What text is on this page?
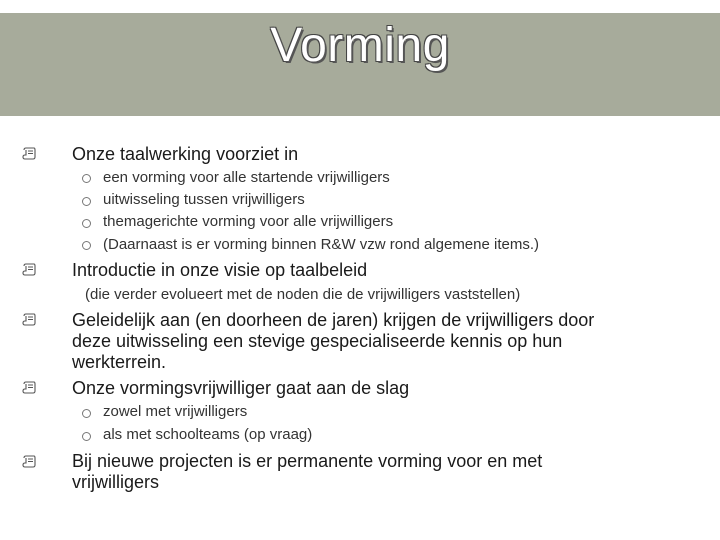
Vorming
Onze taalwerking voorziet in
een vorming voor alle startende vrijwilligers
uitwisseling tussen vrijwilligers
themagerichte vorming voor alle vrijwilligers
(Daarnaast is er vorming binnen R&W vzw rond algemene items.)
Introductie in onze visie op taalbeleid
(die verder evolueert met de noden die de vrijwilligers vaststellen)
Geleidelijk aan (en doorheen de jaren) krijgen de vrijwilligers door
deze uitwisseling een stevige gespecialiseerde kennis op hun
werkterrein.
Onze vormingsvrijwilliger gaat aan de slag
zowel met vrijwilligers
als met schoolteams (op vraag)
Bij nieuwe projecten is er permanente vorming voor en met
vrijwilligers
